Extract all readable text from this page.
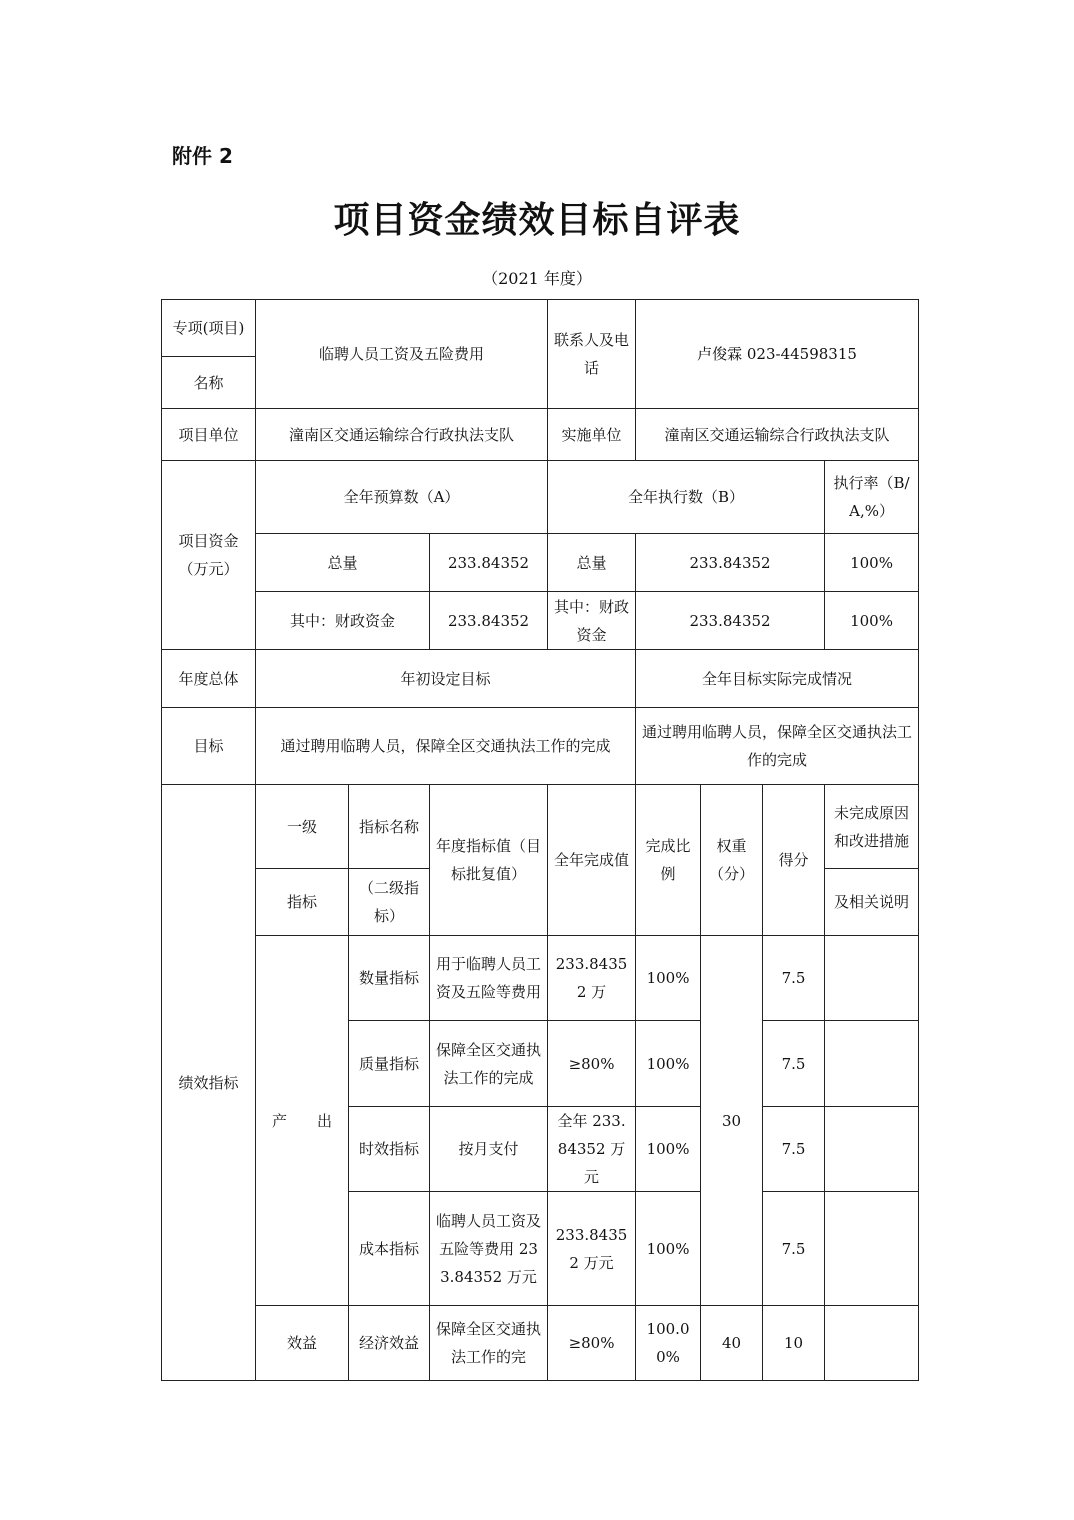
附件 2
项目资金绩效目标自评表
（2021 年度）
专项(项目)	临聘人员工资及五险费用			联系人及电话	卢俊霖 023-44598315			
名称								
项目单位	潼南区交通运输综合行政执法支队			实施单位	潼南区交通运输综合行政执法支队			
项目资金（万元）	全年预算数（A）			全年执行数（B）				执行率（B/A,%）
	总量		233.84352	总量	233.84352			100%
	其中：财政资金		233.84352	其中：财政资金	233.84352			100%
年度总体	年初设定目标				全年目标实际完成情况			
目标	通过聘用临聘人员，保障全区交通执法工作的完成				通过聘用临聘人员，保障全区交通执法工作的完成			
绩效指标	一级	指标名称	年度指标值（目标批复值）	全年完成值	完成比例	权重（分）	得分	未完成原因和改进措施
	指标	（二级指标）						及相关说明
	产　　出	数量指标	用于临聘人员工资及五险等费用	233.84352 万	100%	30	7.5	
		质量指标	保障全区交通执法工作的完成	≥80%	100%		7.5	
		时效指标	按月支付	全年 233.84352 万元	100%		7.5	
		成本指标	临聘人员工资及五险等费用 233.84352 万元	233.84352 万元	100%		7.5	
	效益	经济效益	保障全区交通执法工作的完	≥80%	100.00%	40	10	
